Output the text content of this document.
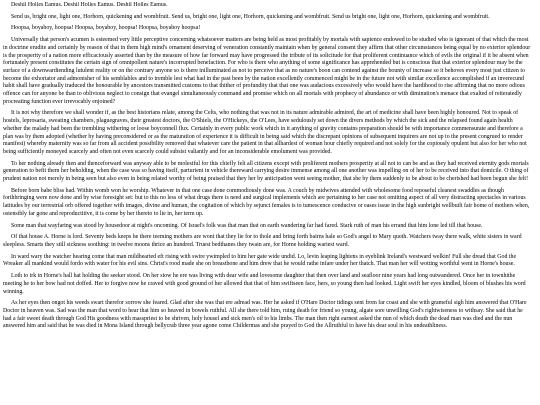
Deshil Holles Eamus. Deshil Holles Eamus. Deshil Holles Eamus.

Send us, bright one, light one, Horhorn, quickening and wombfruit. Send us, bright one, light one, Horhorn, quickening and wombfruit. Send us bright one, light one, Horhorn, quickening and wombfruit.

Hoopsa, boyaboy, hoopsa! Hoopsa, boyaboy, hoopsa! Hoopsa, boyaboy hoopsa!

Universally that person's acumen is esteemed very little perceptive concerning whatsoever matters are being held as most profitably by mortals with sapience endowed to be studied who is ignorant of that which the most in doctrine erudite and certainly by reason of that in them high mind's ornament deserving of veneration constantly maintain when by general consent they affirm that other circumstances being equal by no exterior splendour is the prosperity of a nation more efficaciously asserted than by the measure of how far forward may have progressed the tribute of its solicitude for that proliferent continuance which of evils the original if it be absent when fortunately present constitutes the certain sign of omnipollent nature's incorrupted benefaction. For who is there who anything of some significance has apprehended but is conscious that that exterior splendour may be the surface of a downwardtending lutulent reality or on the contrary anyone so is there inilluminated as not to perceive that as no nature's boon can contend against the bounty of increase so it behoves every most just citizen to become the exhortator and admonisher of his semblables and to tremble lest what had in the past been by the nation excellently commenced might be in the future not with similar excellence accomplished if an inverecund habit shall have gradually traduced the honourable by ancestors transmitted customs to that thither of profundity that that one was audacious excessively who would have the hardihood to rise affirming that no more odious offence can for anyone be than to oblivious neglect to consign that evangel simultaneously command and promise which on all mortals with prophecy of abundance or with diminution's menace that exalted of reiteratedly procreating function ever irrevocably enjoined?

It is not why therefore we shall wonder if, as the best historians relate, among the Celts, who nothing that was not in its nature admirable admired, the art of medicine shall have been highly honoured. Not to speak of hostels, leprosaria, sweating chambers, plaguegraves, their greatest doctors, the O'Shiels, the O'Hickeys, the O'Lees, have sedulously set down the divers methods by which the sick and the relapsed found again health whether the malady had been the trembling withering or loose boyconnell flux. Certainly in every public work which in it anything of gravity contains preparation should be with importance commensurate and therefore a plan was by them adopted (whether by having preconsidered or as the maturation of experience it is difficult in being said which the discrepant opinions of subsequent inquirers are not up to the present congrued to render manifest) whereby maternity was so far from all accident possibility removed that whatever care the patient in that allhardest of woman hour chiefly required and not solely for the copiously opulent but also for her who not being sufficiently moneyed scarcely and often not even scarcely could subsist valiantly and for an inconsiderable emolument was provided.

To her nothing already then and thenceforward was anyway able to be molestful for this chiefly felt all citizens except with proliferent mothers prosperity at all not to can be and as they had received eternity gods mortals generation to befit them her beholding, when the case was so having itself, parturient in vehicle thereward carrying desire immense among all one another was impelling on of her to be received into that domicile. O thing of prudent nation not merely in being seen but also even in being related worthy of being praised that they her by anticipation went seeing mother, that she by them suddenly to be about to be cherished had been begun she felt!

Before born babe bliss had. Within womb won he worship. Whatever in that one case done commodiously done was. A couch by midwives attended with wholesome food reposeful cleanest swaddles as though forthbringing were now done and by wise foresight set: but to this no less of what drugs there is need and surgical implements which are pertaining to her case not omitting aspect of all very distracting spectacles in various latitudes by our terrestrial orb offered together with images, divine and human, the cogitation of which by sejunct females is to tumescence conducive or eases issue in the high sunbright wellbuilt fair home of mothers when, ostensibly far gone and reproductitive, it is come by her thereto to lie in, her term up.

Some man that wayfaring was stood by housedoor at night's oncoming. Of Israel's folk was that man that on earth wandering far had fared. Stark ruth of man his errand that him lone led till that house.

Of that house A. Horne is lord. Seventy beds keeps he there teeming mothers are wont that they lie for to thole and bring forth bairns hale so God's angel to Mary quoth. Watchers tway there walk, white sisters in ward sleepless. Smarts they still sickness soothing: in twelve moons thrice an hundred. Truest bedthanes they twain are, for Horne holding wariest ward.

In ward wary the watcher hearing come that man mildhearted eft rising with swire ywimpled to him her gate wide undid. Lo, levin leaping lightens in eyeblink Ireland's westward welkin! Full she dread that God the Wreaker all mankind would fordo with water for his evil sins. Christ's rood made she on breastbone and him drew that he would rathe infare under her thatch. That man her will wotting worthful went in Horne's house.

Loth to irk in Horne's hall hat holding the seeker stood. On her stow he ere was living with dear wife and lovesome daughter that then over land and seafloor nine years had long outwandered. Once her in townhithe meeting he to her bow had not doffed. Her to forgive now he craved with good ground of her allowed that that of him swiftseen face, hers, so young then had looked. Light swift her eyes kindled, bloom of blushes his word winning.

As her eyes then ongot his weeds swart therefor sorrow she feared. Glad after she was that ere adread was. Her he asked if O'Hare Doctor tidings sent from far coast and she with grameful sigh him answered that O'Hare Doctor in heaven was. Sad was the man that word to hear that him so heaved in bowels ruthful. All she there told him, ruing death for friend so young, algate sore unwilling God's rightwiseness to withsay. She said that he had a fair sweet death through God His goodness with masspriest to be shriven, holy housel and sick men's oil to his limbs. The man then right earnest asked the nun of which death the dead man was died and the nun answered him and said that he was died in Mona Island through bellycrab three year agone come Childermas and she prayed to God the Allruthful to have his dear soul in his undeathliness.
